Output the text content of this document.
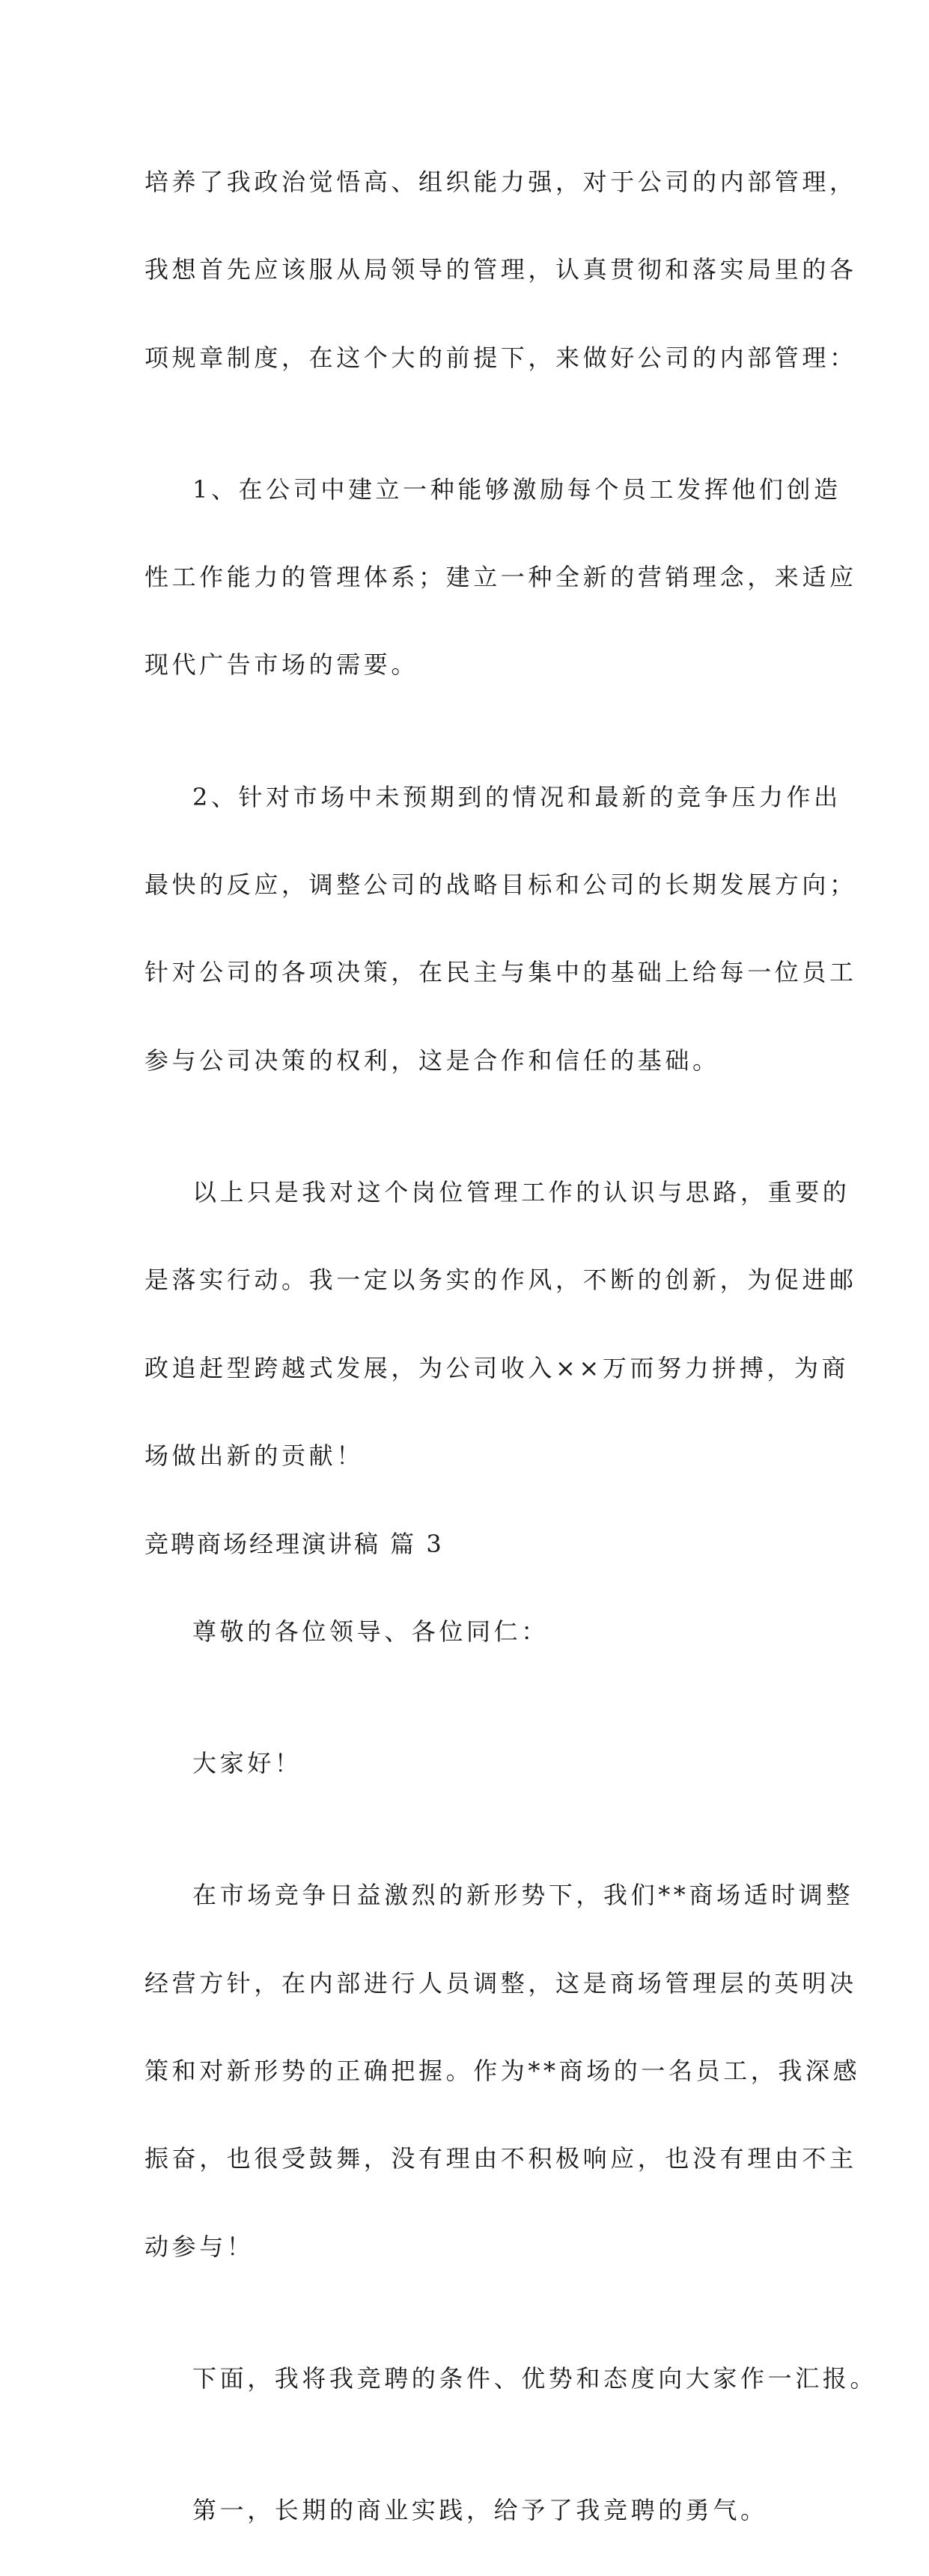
培养了我政治觉悟高、组织能力强，对于公司的内部管理，

我想首先应该服从局领导的管理，认真贯彻和落实局里的各

项规章制度，在这个大的前提下，来做好公司的内部管理：

1、在公司中建立一种能够激励每个员工发挥他们创造

性工作能力的管理体系；建立一种全新的营销理念，来适应

现代广告市场的需要。

2、针对市场中未预期到的情况和最新的竞争压力作出

最快的反应，调整公司的战略目标和公司的长期发展方向；

针对公司的各项决策，在民主与集中的基础上给每一位员工

参与公司决策的权利，这是合作和信任的基础。

以上只是我对这个岗位管理工作的认识与思路，重要的

是落实行动。我一定以务实的作风，不断的创新，为促进邮

政追赶型跨越式发展，为公司收入××万而努力拼搏，为商

场做出新的贡献！

竞聘商场经理演讲稿 篇 3

尊敬的各位领导、各位同仁：

大家好！

在市场竞争日益激烈的新形势下，我们**商场适时调整

经营方针，在内部进行人员调整，这是商场管理层的英明决

策和对新形势的正确把握。作为**商场的一名员工，我深感

振奋，也很受鼓舞，没有理由不积极响应，也没有理由不主

动参与！

下面，我将我竞聘的条件、优势和态度向大家作一汇报。

第一，长期的商业实践，给予了我竞聘的勇气。
